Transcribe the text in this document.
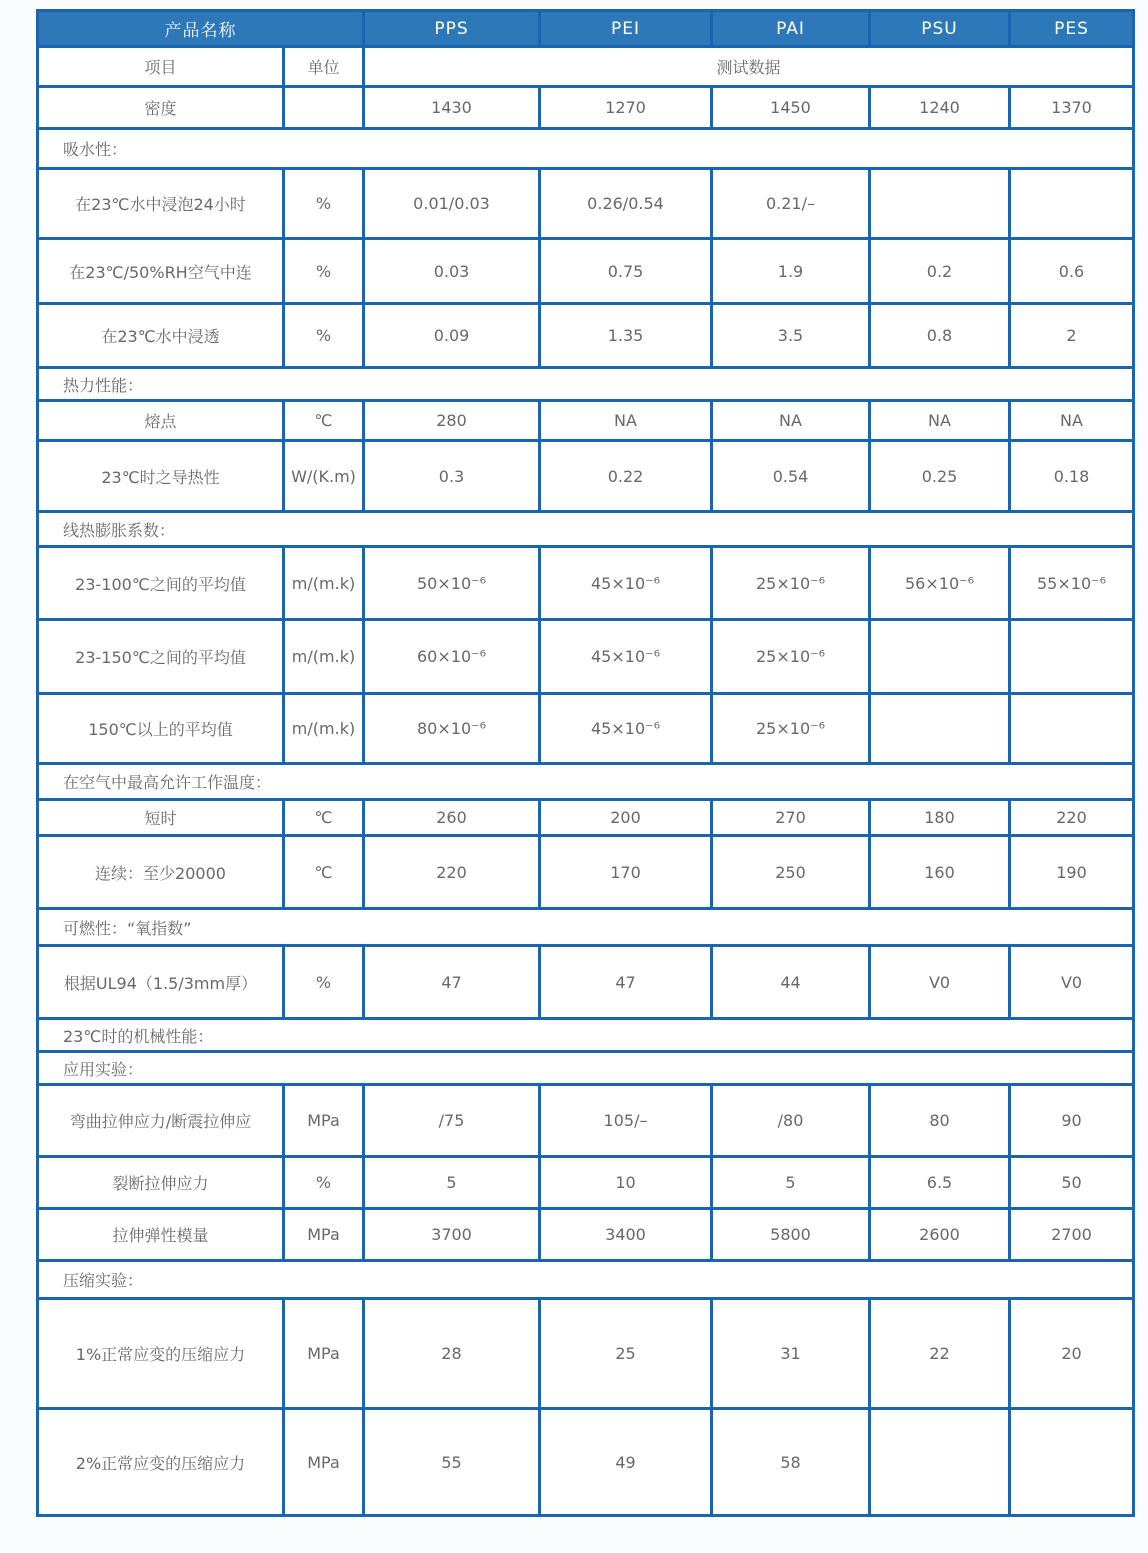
产品名称		PPS	PEI	PAI	PSU	PES
项目	单位	测试数据				
密度		1430	1270	1450	1240	1370
吸水性：						
在23℃水中浸泡24小时	%	0.01/0.03	0.26/0.54	0.21/–		
在23℃/50%RH空气中连	%	0.03	0.75	1.9	0.2	0.6
在23℃水中浸透	%	0.09	1.35	3.5	0.8	2
热力性能：						
熔点	℃	280	NA	NA	NA	NA
23℃时之导热性	W/(K.m)	0.3	0.22	0.54	0.25	0.18
线热膨胀系数：						
23-100℃之间的平均值	m/(m.k)	50×10⁻⁶	45×10⁻⁶	25×10⁻⁶	56×10⁻⁶	55×10⁻⁶
23-150℃之间的平均值	m/(m.k)	60×10⁻⁶	45×10⁻⁶	25×10⁻⁶		
150℃以上的平均值	m/(m.k)	80×10⁻⁶	45×10⁻⁶	25×10⁻⁶		
在空气中最高允许工作温度：						
短时	℃	260	200	270	180	220
连续：至少20000	℃	220	170	250	160	190
可燃性：“氧指数”						
根据UL94（1.5/3mm厚）	%	47	47	44	V0	V0
23℃时的机械性能：						
应用实验：						
弯曲拉伸应力/断震拉伸应	MPa	/75	105/–	/80	80	90
裂断拉伸应力	%	5	10	5	6.5	50
拉伸弹性模量	MPa	3700	3400	5800	2600	2700
压缩实验：						
1%正常应变的压缩应力	MPa	28	25	31	22	20
2%正常应变的压缩应力	MPa	55	49	58		
